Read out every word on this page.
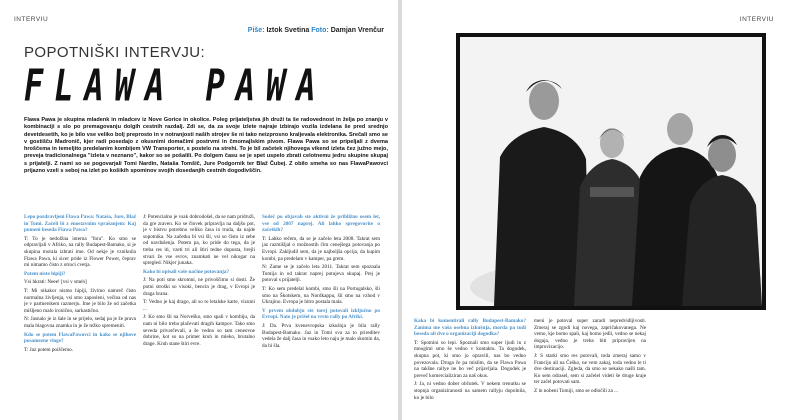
INTERVIU
Piše: Iztok Svetina Foto: Damjan Vrenčur
POPOTNIŠKI INTERVJU:
FLAWA PAWA

Flawa Pawa je skupina mladenk in mladcev iz Nove Gorice in okolice. Poleg prijateljstva jih druži ta še radovednost in želja po znanju v kombinaciji s slo po premagovanju dolgih cestnih razdalj. Zdi se, da za svoje izlete najraje izbirajo vozila izdelana še pred srednjo devetdesetih, ko je bilo vse veliko bolj preprosto in v notranjosti naših strojev še ni tako neizprosno kraljevala elektronika. Srečali smo se v gostišču Madronič, kjer radi posedajo z okusnimi domačimi postrvmi in čmomajlskim pivom. Flawa Pawa so se pripeljali z dvema hroščema in temeljito predelanim kombijem VW Transporter, s postelo na strehi. To je bil začetek njihovega vikend izleta čez južno mejo, preveja tradicionalnega "izleta v neznano", kakor so se pošalili. Po dolgem času se je spet uspelo zbrati celotnemu jedru skupine skupaj s prijatelji. Z nami so se pogovarjali Tomi Nardin, Nataša Tomšič, Jure Podgornik ter Blaž Čubej. Z obilo smeha so nas FlawaPawovci prijazno vzeli s seboj na izlet po košikih spominov svojih dosedanjih cestnih dogodivščin.

Lepo pozdravljeni Flawa Pawa: Nataša, Jure, Blaž in Tomi. Začeli bi z enostavnim vprašanjem: Kaj pomeni beseda Flawa Pawa?

T: To je nedolžna interna "fora". Ko smo se odpravljali v Afriko, na rally Budapest-Bamako, si je skupina morala izbrati ime. Od nekje je vzniknila Flawa Pawa, ki sicer pride iz Flower Power, čeprav mi nimamo čisto z otroci cvetja.

Potem niste hipiji?

Vsi hkrati: Neee! [vsi v smeh]

T: Mi nikakor nismo hipiji, živimo namreč čisto normalna življenja, vsi smo zaposleni, večina od nas je v partnerskem razmerju. Ime je bilo že od začetka mišljeno malo ironično, sarkastično.

N: Jasnalo je iz šale in se prijelo, sedaj pa je že prava mala blagovna znamka in je že težko spremeniti.

Kdo se potem FlawaPawovci in kako se njihove posamezne vloge?

T: Jaz potem poiščemo.

J: Potencialno je vsak dobrodošel, da se nam pridruži, da gre zraven. Ko se človek pripravlja na daljšo pot, je v bistvu potrebno veliko časa in truda, da najde sopotnika. Na začetku bi vsi šli, vsi so čisto iz sebe od navdušenja. Potem pa, ko pride do tega, da je treba res iti, vzeti tri ali štiri tedne dopusta, brejli stvari že vse evrov, znamkati ne vel nikogar na spregled. Nikjer junaka.

Kako bi opisali vaše načine potovanja?

J: Na poti smo skromni, ne privoščimo si dosti. Že potni stroški so visoki, bencin je drag, v Evropi je draga hrana.

T: Vedno je kaj drago, ali so to letalske karte, vizumi ...

J: Ko smo šli na Norveško, smo spali v kombiju, da nam ni bilo treba plačevati dragih kampov. Tako smo seveda privarčevali, a še vedno so tam ceneovne dobrine, kot so na primer kruh in mleko, brutalno drage. Kruh stane štiri evre.

Sodeč po objavah ste aktivni že približno osem let, vse od 2007 naprej. Ali lahko spregovorite o začetkih?

T: Lahko rečem, da se je začelo leta 2008. Takrat sem jaz razmišljal o možnostih čim cenejšega potovanja po Evropi. Zakljudil sem, da je najboljša opcija, da kupim kombi, pa predelam v kamper, pa grem.

N: Zame se je začelo leta 2011. Takrat sem spoznala Tomija in od takrat naprej potujeva skupaj. Prej je potoval s prijatelji.

T: Ko sem predelal kombi, smo šli na Portugalsko, šli smo na Škotskem, na Nordkappu, šli smo na vzhod v Ukrajino. Evropa je hitro postala mala.

V prvem obdobju ste torej potovali izključno po Evropi. Nato je prišel na vrsto rally po Afriki.

J: Da. Prva kvenevropska izkušnja je bila rally Budapest-Bamako. Jaz in Tomi sva za to prireditev vedela že dalj časa in vsako leto naju je malo skomin da, da bi šla.

INTERVIU

Kaka bi komentirali rally Budapest-Bamako? Zanima me vaša osebna izkušnja, morda pa tudi beseda ali dve o organizaciji dogodka?

T: Spomini so lepi. Spoznali smo super ljudi in z mnogimi smo še vedno v kontaktu. Ta dogodek, skupna pot, ki smo jo opravili, nas bo vedno povezovala. Druga če pa mislim, da se Flawa Pawa na takšne rallye ne bo več prijavljala. Dogodek je preveč komercializiran za naš okus.

J: Ja, ni vedno dober občutek. V nekem trenutku se stopnja organiziranosti na samem rallyju dopolnila, ko je bilo

meni je potoval super zaradi nepredvidljivosti. Zmeraj se zgodi kaj novega, zapričakovanega. Ne vemo, kje bomo spali, kaj bomo jedli, vedno se nekaj dogaja, vedno je treba biti pripravljen na improvizacijo.

J: S starki smo res potovali, toda zmeraj samo v Francijo ali na Češko, ne vem zakaj, toda vedno le ti dve destinaciji. Zgleda, da smo se nekako našli tam. Ko sem odrasel, sem si začelel videti še druge kraje ter začel potovati sam.

Z in nobeni Tomiji, smo se odločili za ...
